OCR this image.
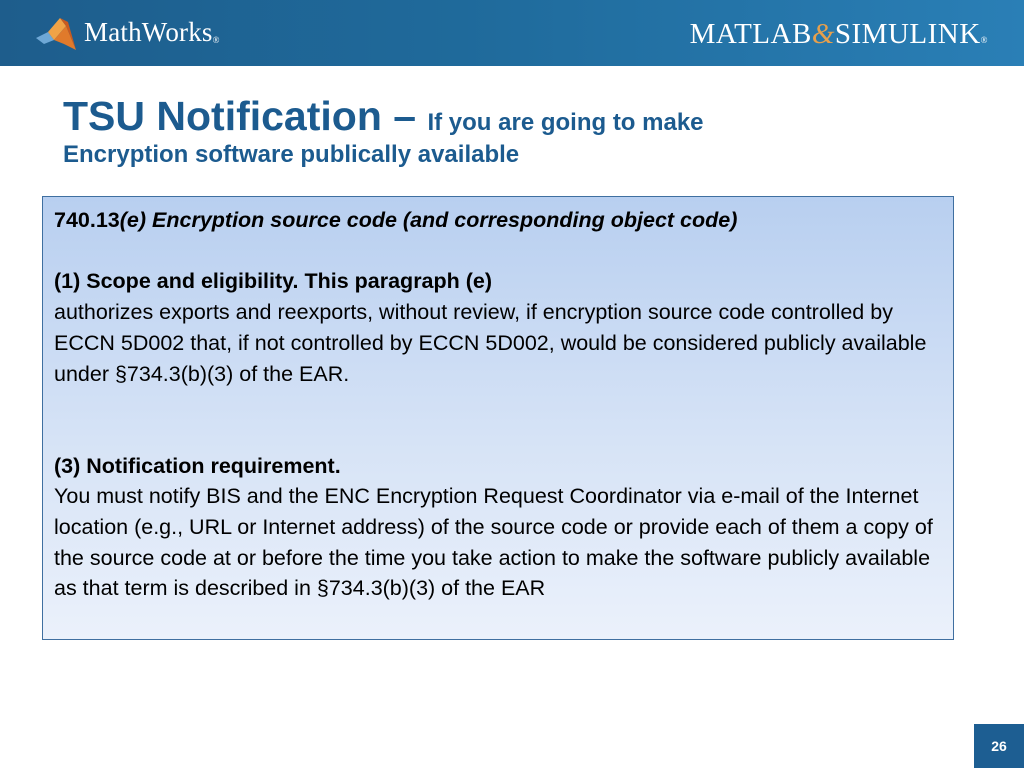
MathWorks®	MATLAB&SIMULINK®
TSU Notification – If you are going to make
Encryption software publically available

740.13(e) Encryption source code (and corresponding object code)

(1) Scope and eligibility. This paragraph (e)

authorizes exports and reexports, without review, if encryption source code controlled by ECCN 5D002 that, if not controlled by ECCN 5D002, would be considered publicly available under §734.3(b)(3) of the EAR.

(3) Notification requirement.

You must notify BIS and the ENC Encryption Request Coordinator via e-mail of the Internet location (e.g., URL or Internet address) of the source code or provide each of them a copy of the source code at or before the time you take action to make the software publicly available as that term is described in §734.3(b)(3) of the EAR

26
